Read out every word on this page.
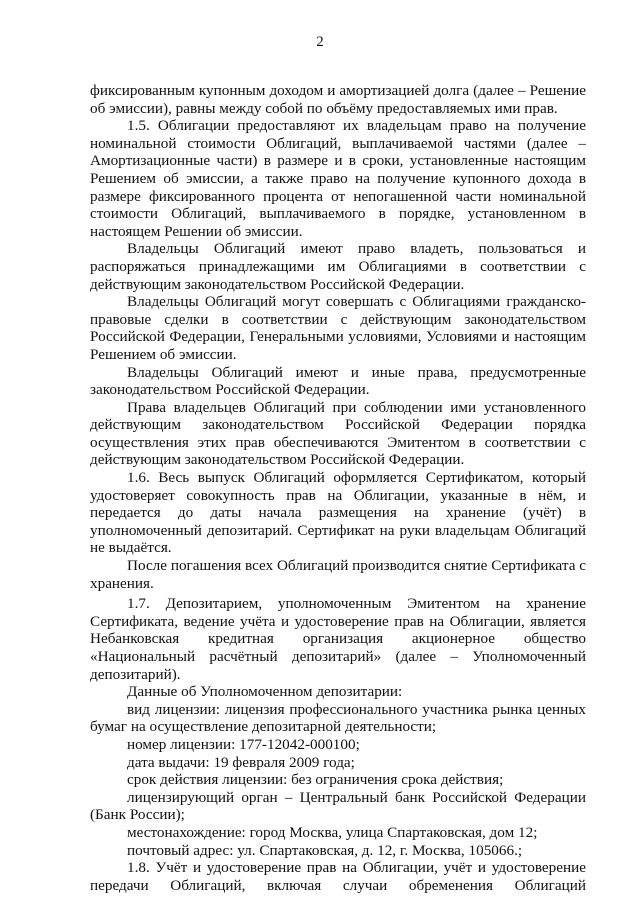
2

фиксированным купонным доходом и амортизацией долга (далее – Решение об эмиссии), равны между собой по объёму предоставляемых ими прав.

1.5. Облигации предоставляют их владельцам право на получение номинальной стоимости Облигаций, выплачиваемой частями (далее – Амортизационные части) в размере и в сроки, установленные настоящим Решением об эмиссии, а также право на получение купонного дохода в размере фиксированного процента от непогашенной части номинальной стоимости Облигаций, выплачиваемого в порядке, установленном в настоящем Решении об эмиссии.

Владельцы Облигаций имеют право владеть, пользоваться и распоряжаться принадлежащими им Облигациями в соответствии с действующим законодательством Российской Федерации.

Владельцы Облигаций могут совершать с Облигациями гражданско-правовые сделки в соответствии с действующим законодательством Российской Федерации, Генеральными условиями, Условиями и настоящим Решением об эмиссии.

Владельцы Облигаций имеют и иные права, предусмотренные законодательством Российской Федерации.

Права владельцев Облигаций при соблюдении ими установленного действующим законодательством Российской Федерации порядка осуществления этих прав обеспечиваются Эмитентом в соответствии с действующим законодательством Российской Федерации.

1.6. Весь выпуск Облигаций оформляется Сертификатом, который удостоверяет совокупность прав на Облигации, указанные в нём, и передается до даты начала размещения на хранение (учёт) в уполномоченный депозитарий. Сертификат на руки владельцам Облигаций не выдаётся.

После погашения всех Облигаций производится снятие Сертификата с хранения.

1.7. Депозитарием, уполномоченным Эмитентом на хранение Сертификата, ведение учёта и удостоверение прав на Облигации, является Небанковская кредитная организация акционерное общество «Национальный расчётный депозитарий» (далее – Уполномоченный депозитарий).

Данные об Уполномоченном депозитарии:

вид лицензии: лицензия профессионального участника рынка ценных бумаг на осуществление депозитарной деятельности;

номер лицензии: 177-12042-000100;

дата выдачи: 19 февраля 2009 года;

срок действия лицензии: без ограничения срока действия;

лицензирующий орган – Центральный банк Российской Федерации (Банк России);

местонахождение: город Москва, улица Спартаковская, дом 12;

почтовый адрес: ул. Спартаковская, д. 12, г. Москва, 105066.;

1.8. Учёт и удостоверение прав на Облигации, учёт и удостоверение передачи Облигаций, включая случаи обременения Облигаций
